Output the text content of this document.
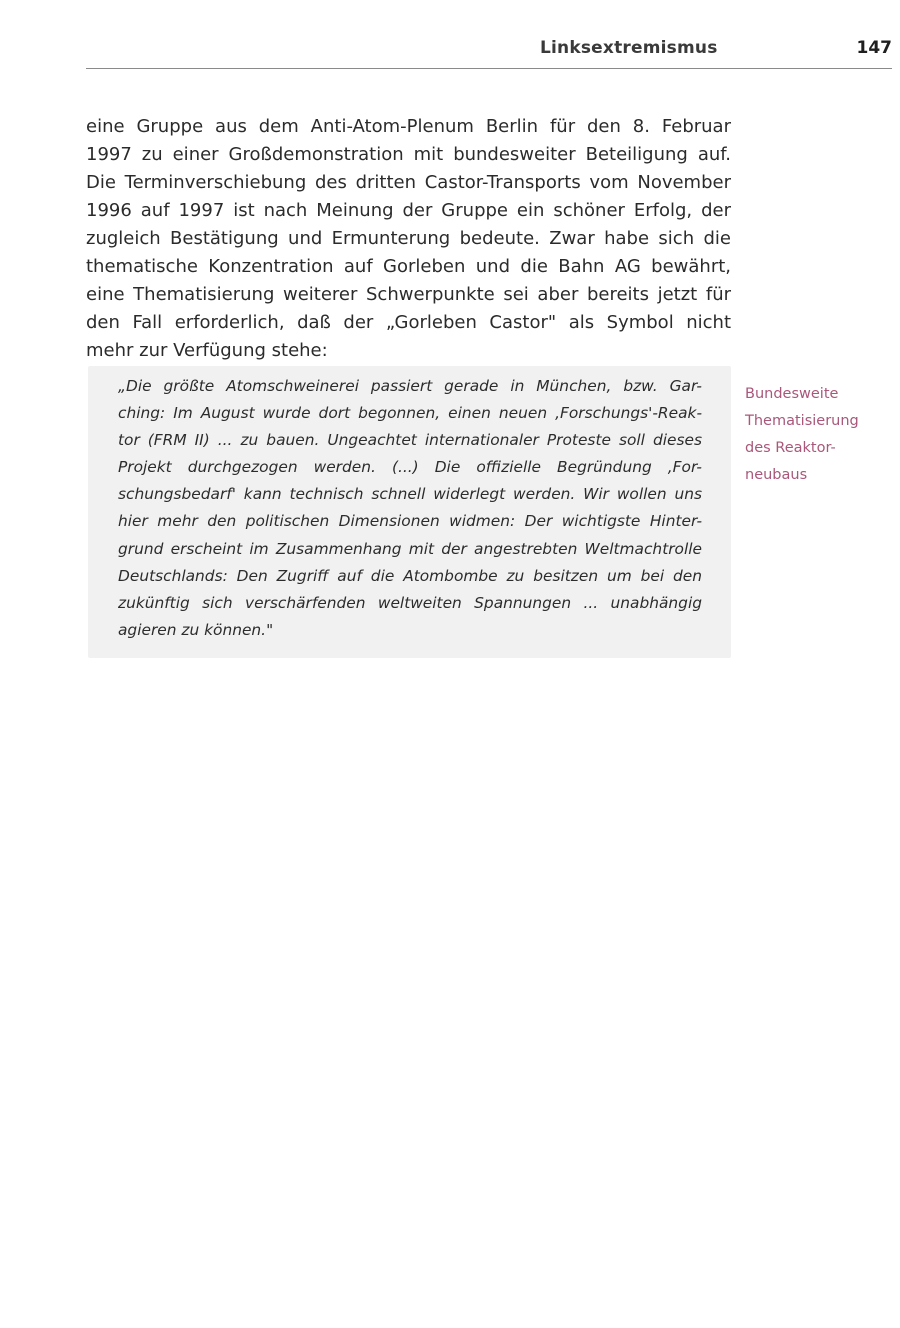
Linksextremismus	147
eine Gruppe aus dem Anti-Atom-Plenum Berlin für den 8. Februar
1997 zu einer Großdemonstration mit bundesweiter Beteiligung auf.
Die Terminverschiebung des dritten Castor-Transports vom November
1996 auf 1997 ist nach Meinung der Gruppe ein schöner Erfolg, der
zugleich Bestätigung und Ermunterung bedeute. Zwar habe sich die
thematische Konzentration auf Gorleben und die Bahn AG bewährt,
eine Thematisierung weiterer Schwerpunkte sei aber bereits jetzt für
den Fall erforderlich, daß der „Gorleben Castor" als Symbol nicht
mehr zur Verfügung stehe:
„Die größte Atomschweinerei passiert gerade in München, bzw. Gar-
ching: Im August wurde dort begonnen, einen neuen ‚Forschungs'-Reak-
tor (FRM II) ... zu bauen. Ungeachtet internationaler Proteste soll dieses
Projekt durchgezogen werden. (...) Die offizielle Begründung ‚For-
schungsbedarf' kann technisch schnell widerlegt werden. Wir wollen uns
hier mehr den politischen Dimensionen widmen: Der wichtigste Hinter-
grund erscheint im Zusammenhang mit der angestrebten Weltmachtrolle
Deutschlands: Den Zugriff auf die Atombombe zu besitzen um bei den
zukünftig sich verschärfenden weltweiten Spannungen ... unabhängig
agieren zu können."
Bundesweite
Thematisierung
des Reaktor-
neubaus
